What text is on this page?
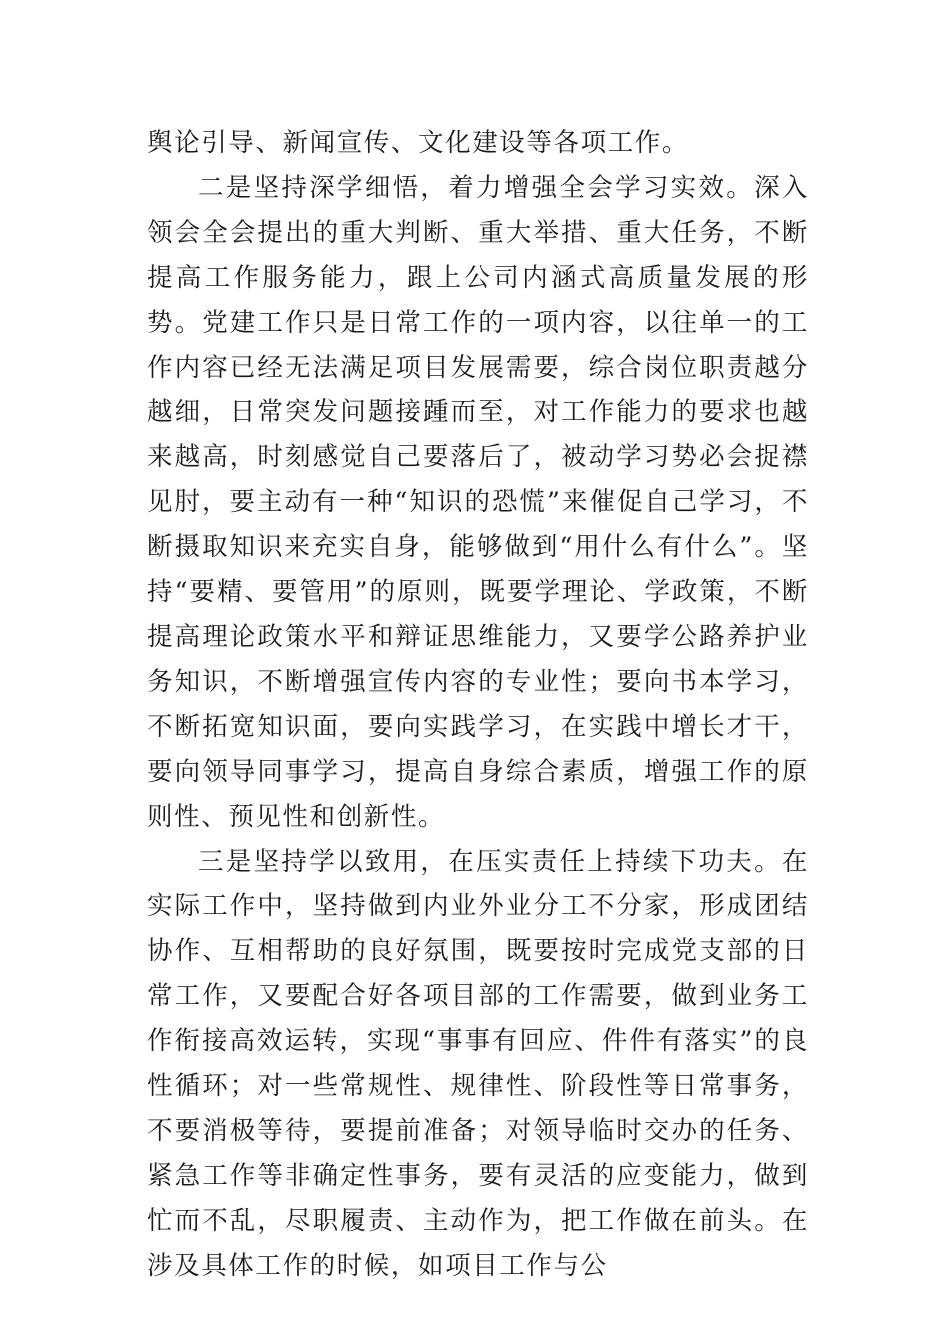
舆论引导、新闻宣传、文化建设等各项工作。

二是坚持深学细悟，着力增强全会学习实效。深入领会全会提出的重大判断、重大举措、重大任务，不断提高工作服务能力，跟上公司内涵式高质量发展的形势。党建工作只是日常工作的一项内容，以往单一的工作内容已经无法满足项目发展需要，综合岗位职责越分越细，日常突发问题接踵而至，对工作能力的要求也越来越高，时刻感觉自己要落后了，被动学习势必会捉襟见肘，要主动有一种“知识的恐慌”来催促自己学习，不断摄取知识来充实自身，能够做到“用什么有什么”。坚持“要精、要管用”的原则，既要学理论、学政策，不断提高理论政策水平和辩证思维能力，又要学公路养护业务知识，不断增强宣传内容的专业性；要向书本学习，不断拓宽知识面，要向实践学习，在实践中增长才干，要向领导同事学习，提高自身综合素质，增强工作的原则性、预见性和创新性。

三是坚持学以致用，在压实责任上持续下功夫。在实际工作中，坚持做到内业外业分工不分家，形成团结协作、互相帮助的良好氛围，既要按时完成党支部的日常工作，又要配合好各项目部的工作需要，做到业务工作衔接高效运转，实现“事事有回应、件件有落实”的良性循环；对一些常规性、规律性、阶段性等日常事务，不要消极等待，要提前准备；对领导临时交办的任务、紧急工作等非确定性事务，要有灵活的应变能力，做到忙而不乱，尽职履责、主动作为，把工作做在前头。在涉及具体工作的时候，如项目工作与公
